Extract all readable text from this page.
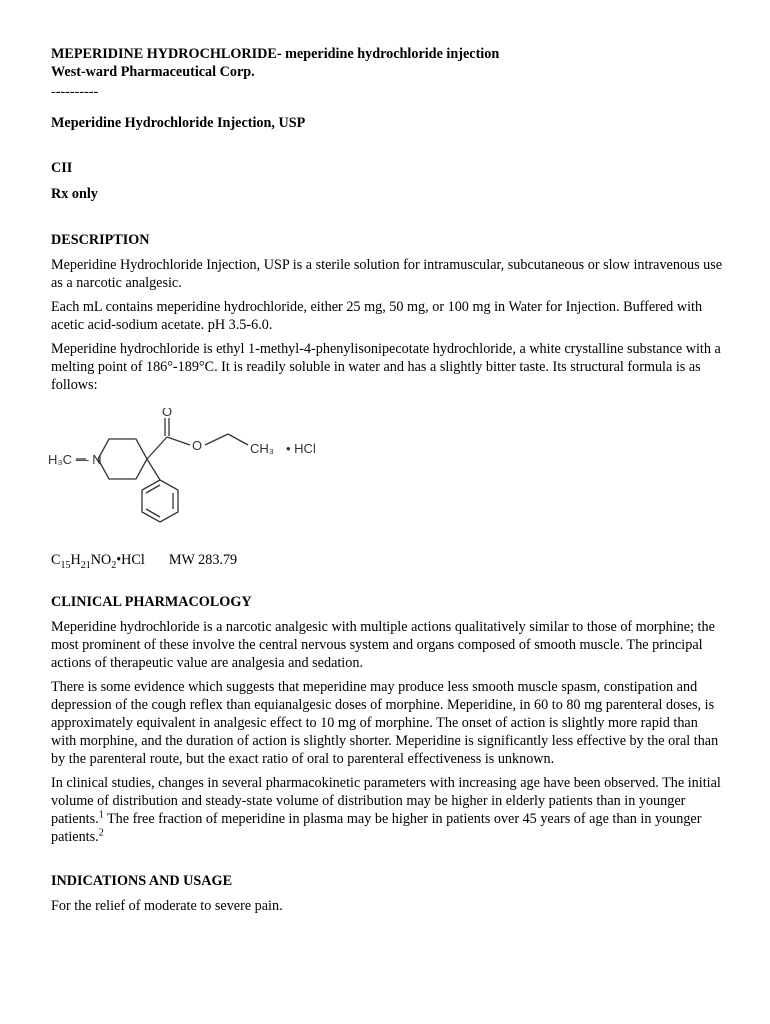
MEPERIDINE HYDROCHLORIDE- meperidine hydrochloride injection
West-ward Pharmaceutical Corp.
----------
Meperidine Hydrochloride Injection, USP
CII
Rx only
DESCRIPTION

Meperidine Hydrochloride Injection, USP is a sterile solution for intramuscular, subcutaneous or slow intravenous use as a narcotic analgesic.

Each mL contains meperidine hydrochloride, either 25 mg, 50 mg, or 100 mg in Water for Injection. Buffered with acetic acid-sodium acetate. pH 3.5-6.0.

Meperidine hydrochloride is ethyl 1-methyl-4-phenylisonipecotate hydrochloride, a white crystalline substance with a melting point of 186°-189°C. It is readily soluble in water and has a slightly bitter taste. Its structural formula is as follows:

H₃C — N
O
O	CH₃ • HCl
$C_{15}H_{21}NO_2•HCl$ MW 283.79
CLINICAL PHARMACOLOGY

Meperidine hydrochloride is a narcotic analgesic with multiple actions qualitatively similar to those of morphine; the most prominent of these involve the central nervous system and organs composed of smooth muscle. The principal actions of therapeutic value are analgesia and sedation.

There is some evidence which suggests that meperidine may produce less smooth muscle spasm, constipation and depression of the cough reflex than equianalgesic doses of morphine. Meperidine, in 60 to 80 mg parenteral doses, is approximately equivalent in analgesic effect to 10 mg of morphine. The onset of action is slightly more rapid than with morphine, and the duration of action is slightly shorter. Meperidine is significantly less effective by the oral than by the parenteral route, but the exact ratio of oral to parenteral effectiveness is unknown.

In clinical studies, changes in several pharmacokinetic parameters with increasing age have been observed. The initial volume of distribution and steady-state volume of distribution may be higher in elderly patients than in younger patients.$^1$ The free fraction of meperidine in plasma may be higher in patients over 45 years of age than in younger patients.$^2$

INDICATIONS AND USAGE

For the relief of moderate to severe pain.
